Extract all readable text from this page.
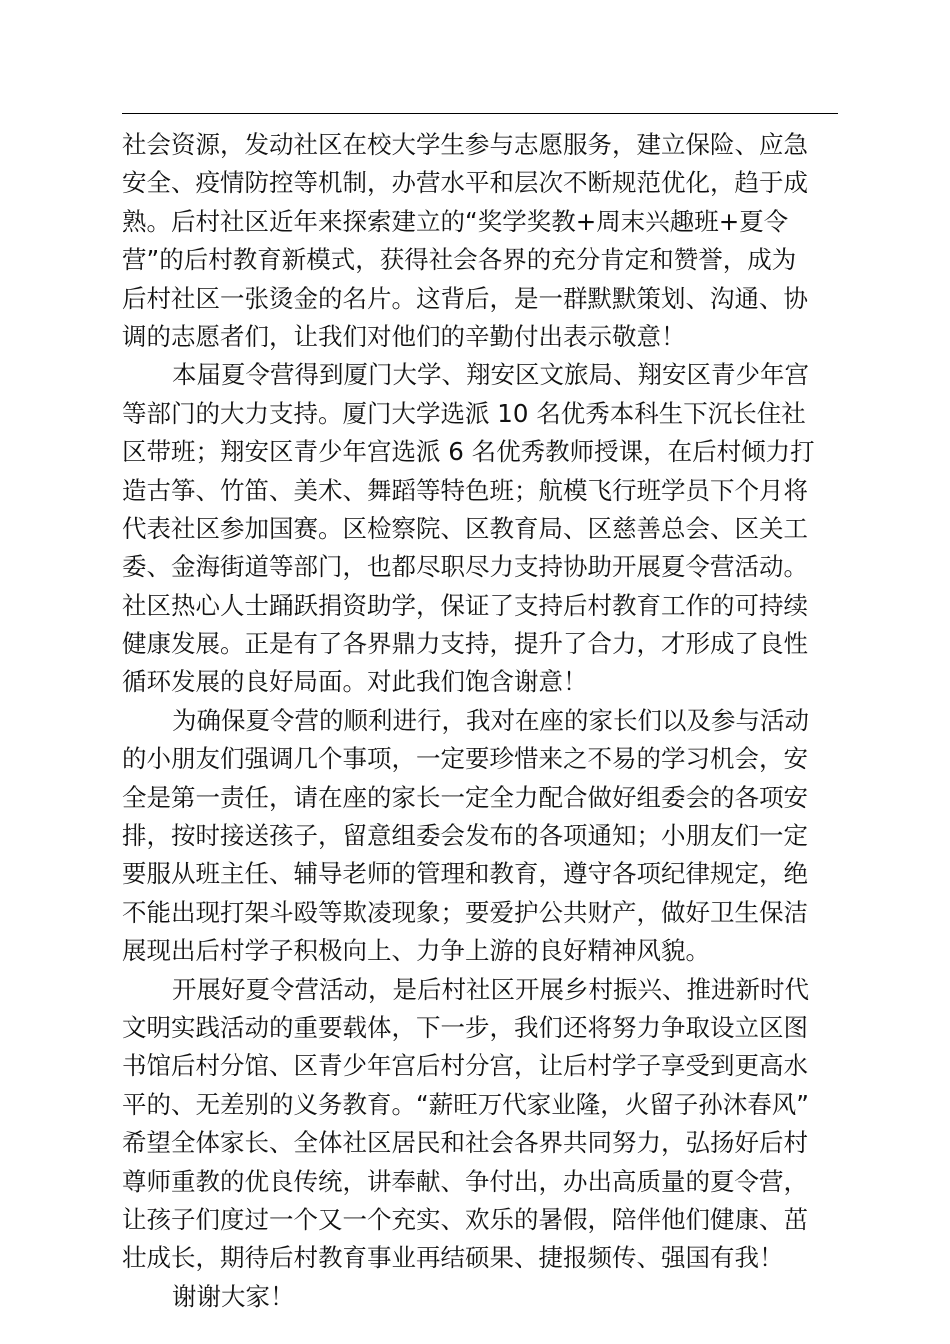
社会资源，发动社区在校大学生参与志愿服务，建立保险、应急
安全、疫情防控等机制，办营水平和层次不断规范优化，趋于成
熟。后村社区近年来探索建立的“奖学奖教+周末兴趣班+夏令
营”的后村教育新模式，获得社会各界的充分肯定和赞誉，成为
后村社区一张烫金的名片。这背后，是一群默默策划、沟通、协
调的志愿者们，让我们对他们的辛勤付出表示敬意！
本届夏令营得到厦门大学、翔安区文旅局、翔安区青少年宫
等部门的大力支持。厦门大学选派 10 名优秀本科生下沉长住社
区带班；翔安区青少年宫选派 6 名优秀教师授课，在后村倾力打
造古筝、竹笛、美术、舞蹈等特色班；航模飞行班学员下个月将
代表社区参加国赛。区检察院、区教育局、区慈善总会、区关工
委、金海街道等部门，也都尽职尽力支持协助开展夏令营活动。
社区热心人士踊跃捐资助学，保证了支持后村教育工作的可持续
健康发展。正是有了各界鼎力支持，提升了合力，才形成了良性
循环发展的良好局面。对此我们饱含谢意！
为确保夏令营的顺利进行，我对在座的家长们以及参与活动
的小朋友们强调几个事项，一定要珍惜来之不易的学习机会，安
全是第一责任，请在座的家长一定全力配合做好组委会的各项安
排，按时接送孩子，留意组委会发布的各项通知；小朋友们一定
要服从班主任、辅导老师的管理和教育，遵守各项纪律规定，绝
不能出现打架斗殴等欺凌现象；要爱护公共财产，做好卫生保洁
展现出后村学子积极向上、力争上游的良好精神风貌。
开展好夏令营活动，是后村社区开展乡村振兴、推进新时代
文明实践活动的重要载体，下一步，我们还将努力争取设立区图
书馆后村分馆、区青少年宫后村分宫，让后村学子享受到更高水
平的、无差别的义务教育。“薪旺万代家业隆，火留子孙沐春风”
希望全体家长、全体社区居民和社会各界共同努力，弘扬好后村
尊师重教的优良传统，讲奉献、争付出，办出高质量的夏令营，
让孩子们度过一个又一个充实、欢乐的暑假，陪伴他们健康、茁
壮成长，期待后村教育事业再结硕果、捷报频传、强国有我！
谢谢大家！
